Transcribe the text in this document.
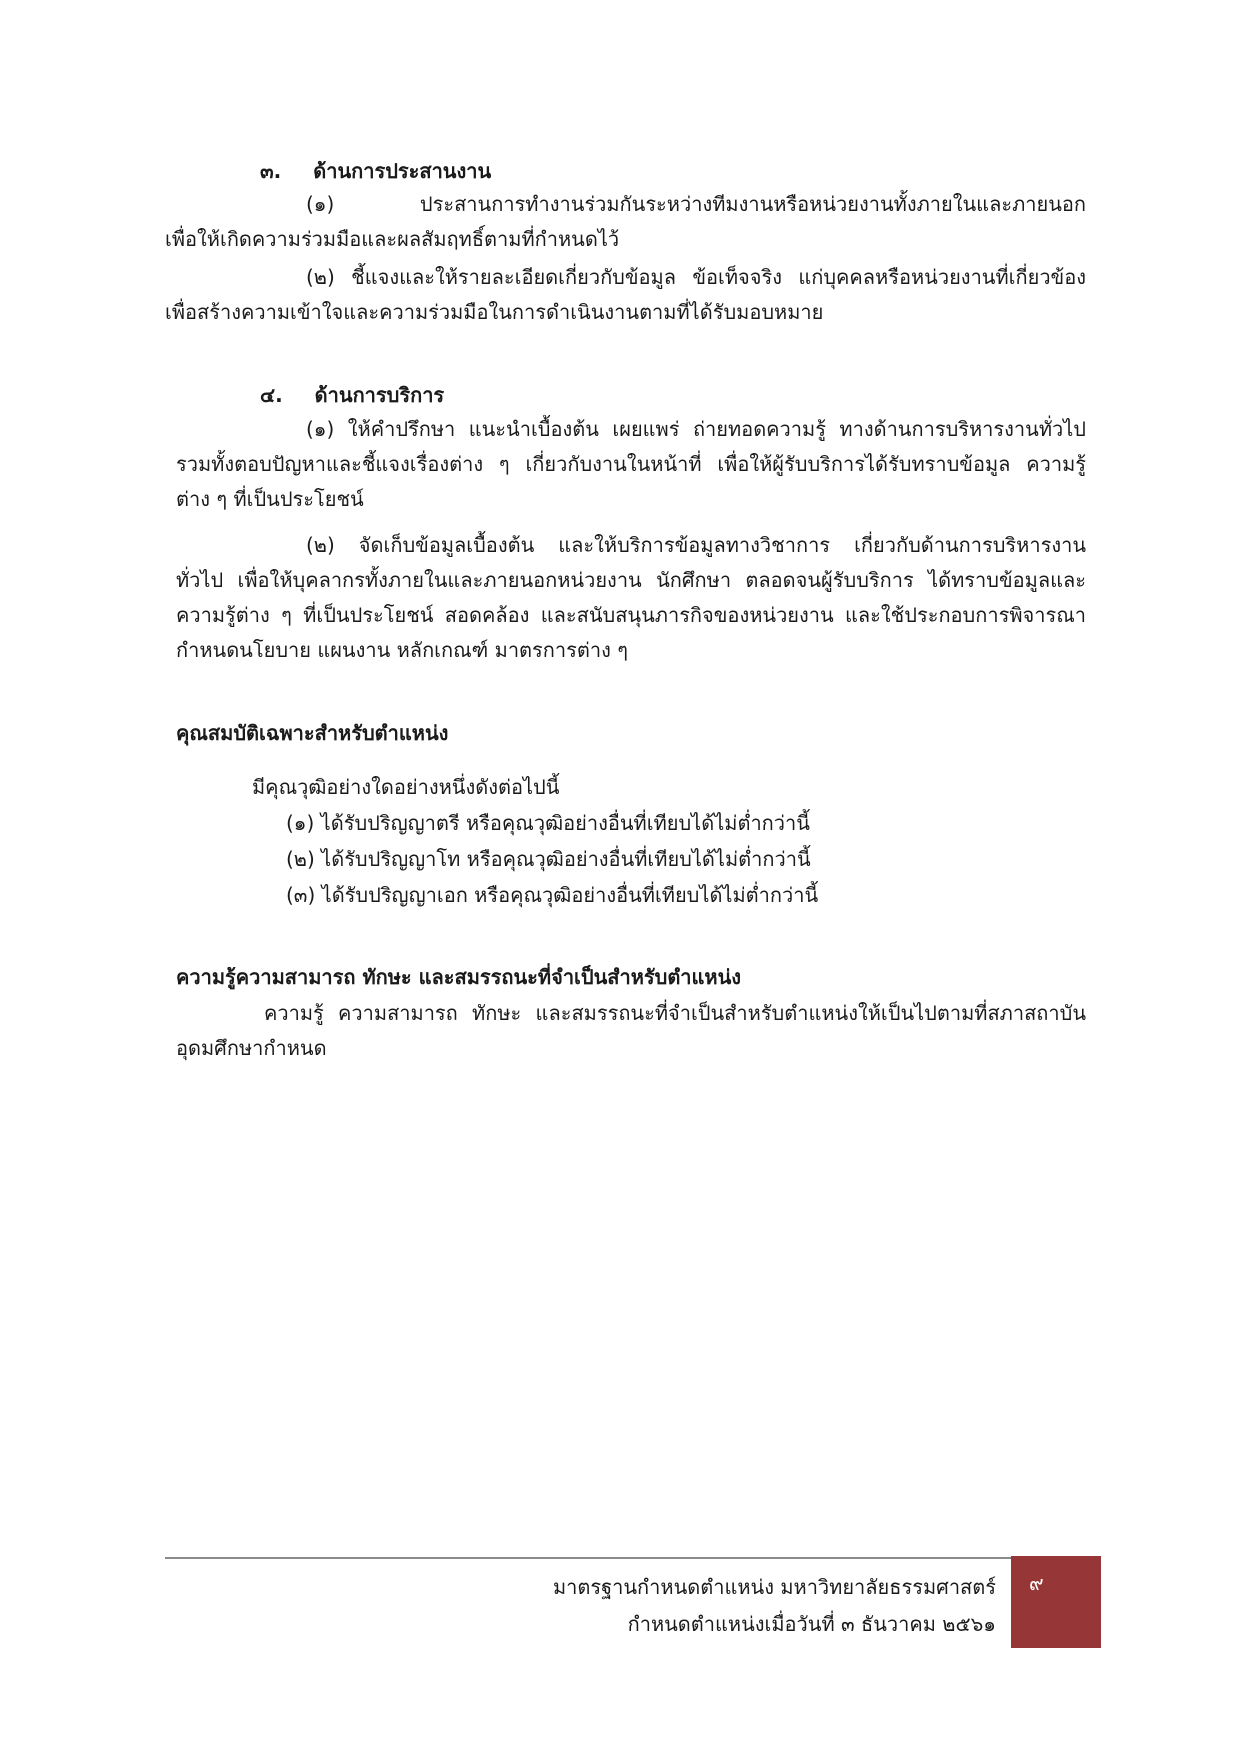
๓. ด้านการประสานงาน
(๑) ประสานการทำงานร่วมกันระหว่างทีมงานหรือหน่วยงานทั้งภายในและภายนอก
เพื่อให้เกิดความร่วมมือและผลสัมฤทธิ์ตามที่กำหนดไว้
(๒) ชี้แจงและให้รายละเอียดเกี่ยวกับข้อมูล ข้อเท็จจริง แก่บุคคลหรือหน่วยงานที่เกี่ยวข้อง
เพื่อสร้างความเข้าใจและความร่วมมือในการดำเนินงานตามที่ได้รับมอบหมาย
๔. ด้านการบริการ
(๑) ให้คำปรึกษา แนะนำเบื้องต้น เผยแพร่ ถ่ายทอดความรู้ ทางด้านการบริหารงานทั่วไป
รวมทั้งตอบปัญหาและชี้แจงเรื่องต่าง ๆ เกี่ยวกับงานในหน้าที่ เพื่อให้ผู้รับบริการได้รับทราบข้อมูล ความรู้
ต่าง ๆ ที่เป็นประโยชน์
(๒) จัดเก็บข้อมูลเบื้องต้น และให้บริการข้อมูลทางวิชาการ เกี่ยวกับด้านการบริหารงาน
ทั่วไป เพื่อให้บุคลากรทั้งภายในและภายนอกหน่วยงาน นักศึกษา ตลอดจนผู้รับบริการ ได้ทราบข้อมูลและ
ความรู้ต่าง ๆ ที่เป็นประโยชน์ สอดคล้อง และสนับสนุนภารกิจของหน่วยงาน และใช้ประกอบการพิจารณา
กำหนดนโยบาย แผนงาน หลักเกณฑ์ มาตรการต่าง ๆ
คุณสมบัติเฉพาะสำหรับตำแหน่ง
มีคุณวุฒิอย่างใดอย่างหนึ่งดังต่อไปนี้
(๑) ได้รับปริญญาตรี หรือคุณวุฒิอย่างอื่นที่เทียบได้ไม่ต่ำกว่านี้
(๒) ได้รับปริญญาโท หรือคุณวุฒิอย่างอื่นที่เทียบได้ไม่ต่ำกว่านี้
(๓) ได้รับปริญญาเอก หรือคุณวุฒิอย่างอื่นที่เทียบได้ไม่ต่ำกว่านี้
ความรู้ความสามารถ ทักษะ และสมรรถนะที่จำเป็นสำหรับตำแหน่ง
ความรู้ ความสามารถ ทักษะ และสมรรถนะที่จำเป็นสำหรับตำแหน่งให้เป็นไปตามที่สภาสถาบัน
อุดมศึกษากำหนด
มาตรฐานกำหนดตำแหน่ง มหาวิทยาลัยธรรมศาสตร์
กำหนดตำแหน่งเมื่อวันที่ ๓ ธันวาคม ๒๕๖๑
๙
